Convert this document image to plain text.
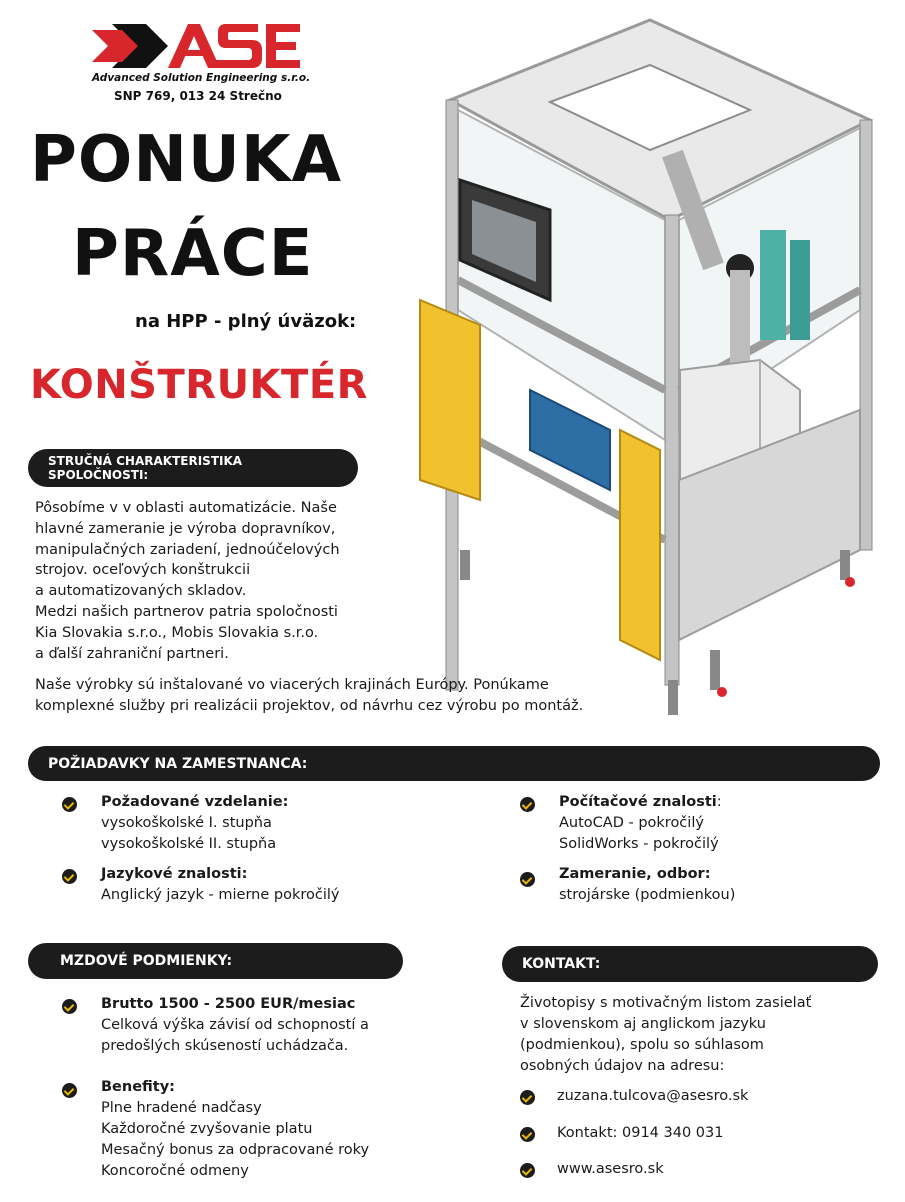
Advanced Solution Engineering s.r.o.
SNP 769, 013 24 Strečno
PONUKA
PRÁCE
na HPP - plný úväzok:
KONŠTRUKTÉR
STRUČNÁ CHARAKTERISTIKA
SPOLOČNOSTI:
Pôsobíme v v oblasti automatizácie. Naše
hlavné zameranie je výroba dopravníkov,
manipulačných zariadení, jednoúčelových
strojov. oceľových konštrukcii
a automatizovaných skladov.
Medzi našich partnerov patria spoločnosti
Kia Slovakia s.r.o., Mobis Slovakia s.r.o.
a ďalší zahraniční partneri.
Naše výrobky sú inštalované vo viacerých krajinách Európy. Ponúkame
komplexné služby pri realizácii projektov, od návrhu cez výrobu po montáž.
POŽIADAVKY NA ZAMESTNANCA:
Požadované vzdelanie:
vysokoškolské I. stupňa
vysokoškolské II. stupňa
Jazykové znalosti:
Anglický jazyk - mierne pokročilý
Počítačové znalosti:
AutoCAD - pokročilý
SolidWorks - pokročilý
Zameranie, odbor:
strojárske (podmienkou)
MZDOVÉ PODMIENKY:
Brutto 1500 - 2500 EUR/mesiac
Celková výška závisí od schopností a
predošlých skúseností uchádzača.
Benefity:
Plne hradené nadčasy
Každoročné zvyšovanie platu
Mesačný bonus za odpracované roky
Koncoročné odmeny
KONTAKT:
Životopisy s motivačným listom zasielať
v slovenskom aj anglickom jazyku
(podmienkou), spolu so súhlasom
osobných údajov na adresu:
zuzana.tulcova@asesro.sk
Kontakt: 0914 340 031
www.asesro.sk
